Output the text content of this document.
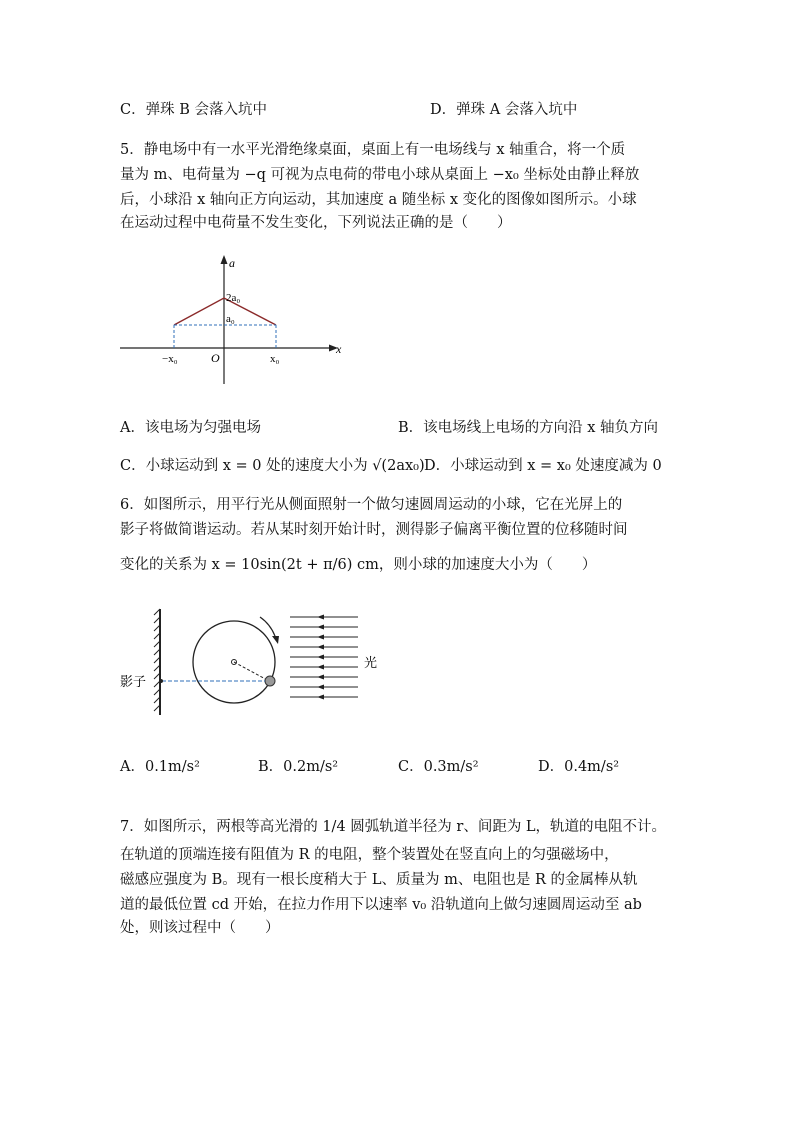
C．弹珠 B 会落入坑中	D．弹珠 A 会落入坑中
5．静电场中有一水平光滑绝缘桌面，桌面上有一电场线与 x 轴重合，将一个质
量为 m、电荷量为 −q 可视为点电荷的带电小球从桌面上 −x₀ 坐标处由静止释放
后，小球沿 x 轴向正方向运动，其加速度 a 随坐标 x 变化的图像如图所示。小球
在运动过程中电荷量不发生变化，下列说法正确的是（　　）
a
x
O
2a₀
a₀
−x₀	x₀
A．该电场为匀强电场	B．该电场线上电场的方向沿 x 轴负方向
C．小球运动到 x = 0 处的速度大小为 √(2ax₀) D．小球运动到 x = x₀ 处速度减为 0
6．如图所示，用平行光从侧面照射一个做匀速圆周运动的小球，它在光屏上的
影子将做简谐运动。若从某时刻开始计时，测得影子偏离平衡位置的位移随时间
变化的关系为 x = 10sin(2t + π/6) cm，则小球的加速度大小为（　　）
光
影子
A．0.1m/s²	B．0.2m/s²	C．0.3m/s²	D．0.4m/s²
7．如图所示，两根等高光滑的 1/4 圆弧轨道半径为 r、间距为 L，轨道的电阻不计。
在轨道的顶端连接有阻值为 R 的电阻，整个装置处在竖直向上的匀强磁场中，
磁感应强度为 B。现有一根长度稍大于 L、质量为 m、电阻也是 R 的金属棒从轨
道的最低位置 cd 开始，在拉力作用下以速率 v₀ 沿轨道向上做匀速圆周运动至 ab
处，则该过程中（　　）
